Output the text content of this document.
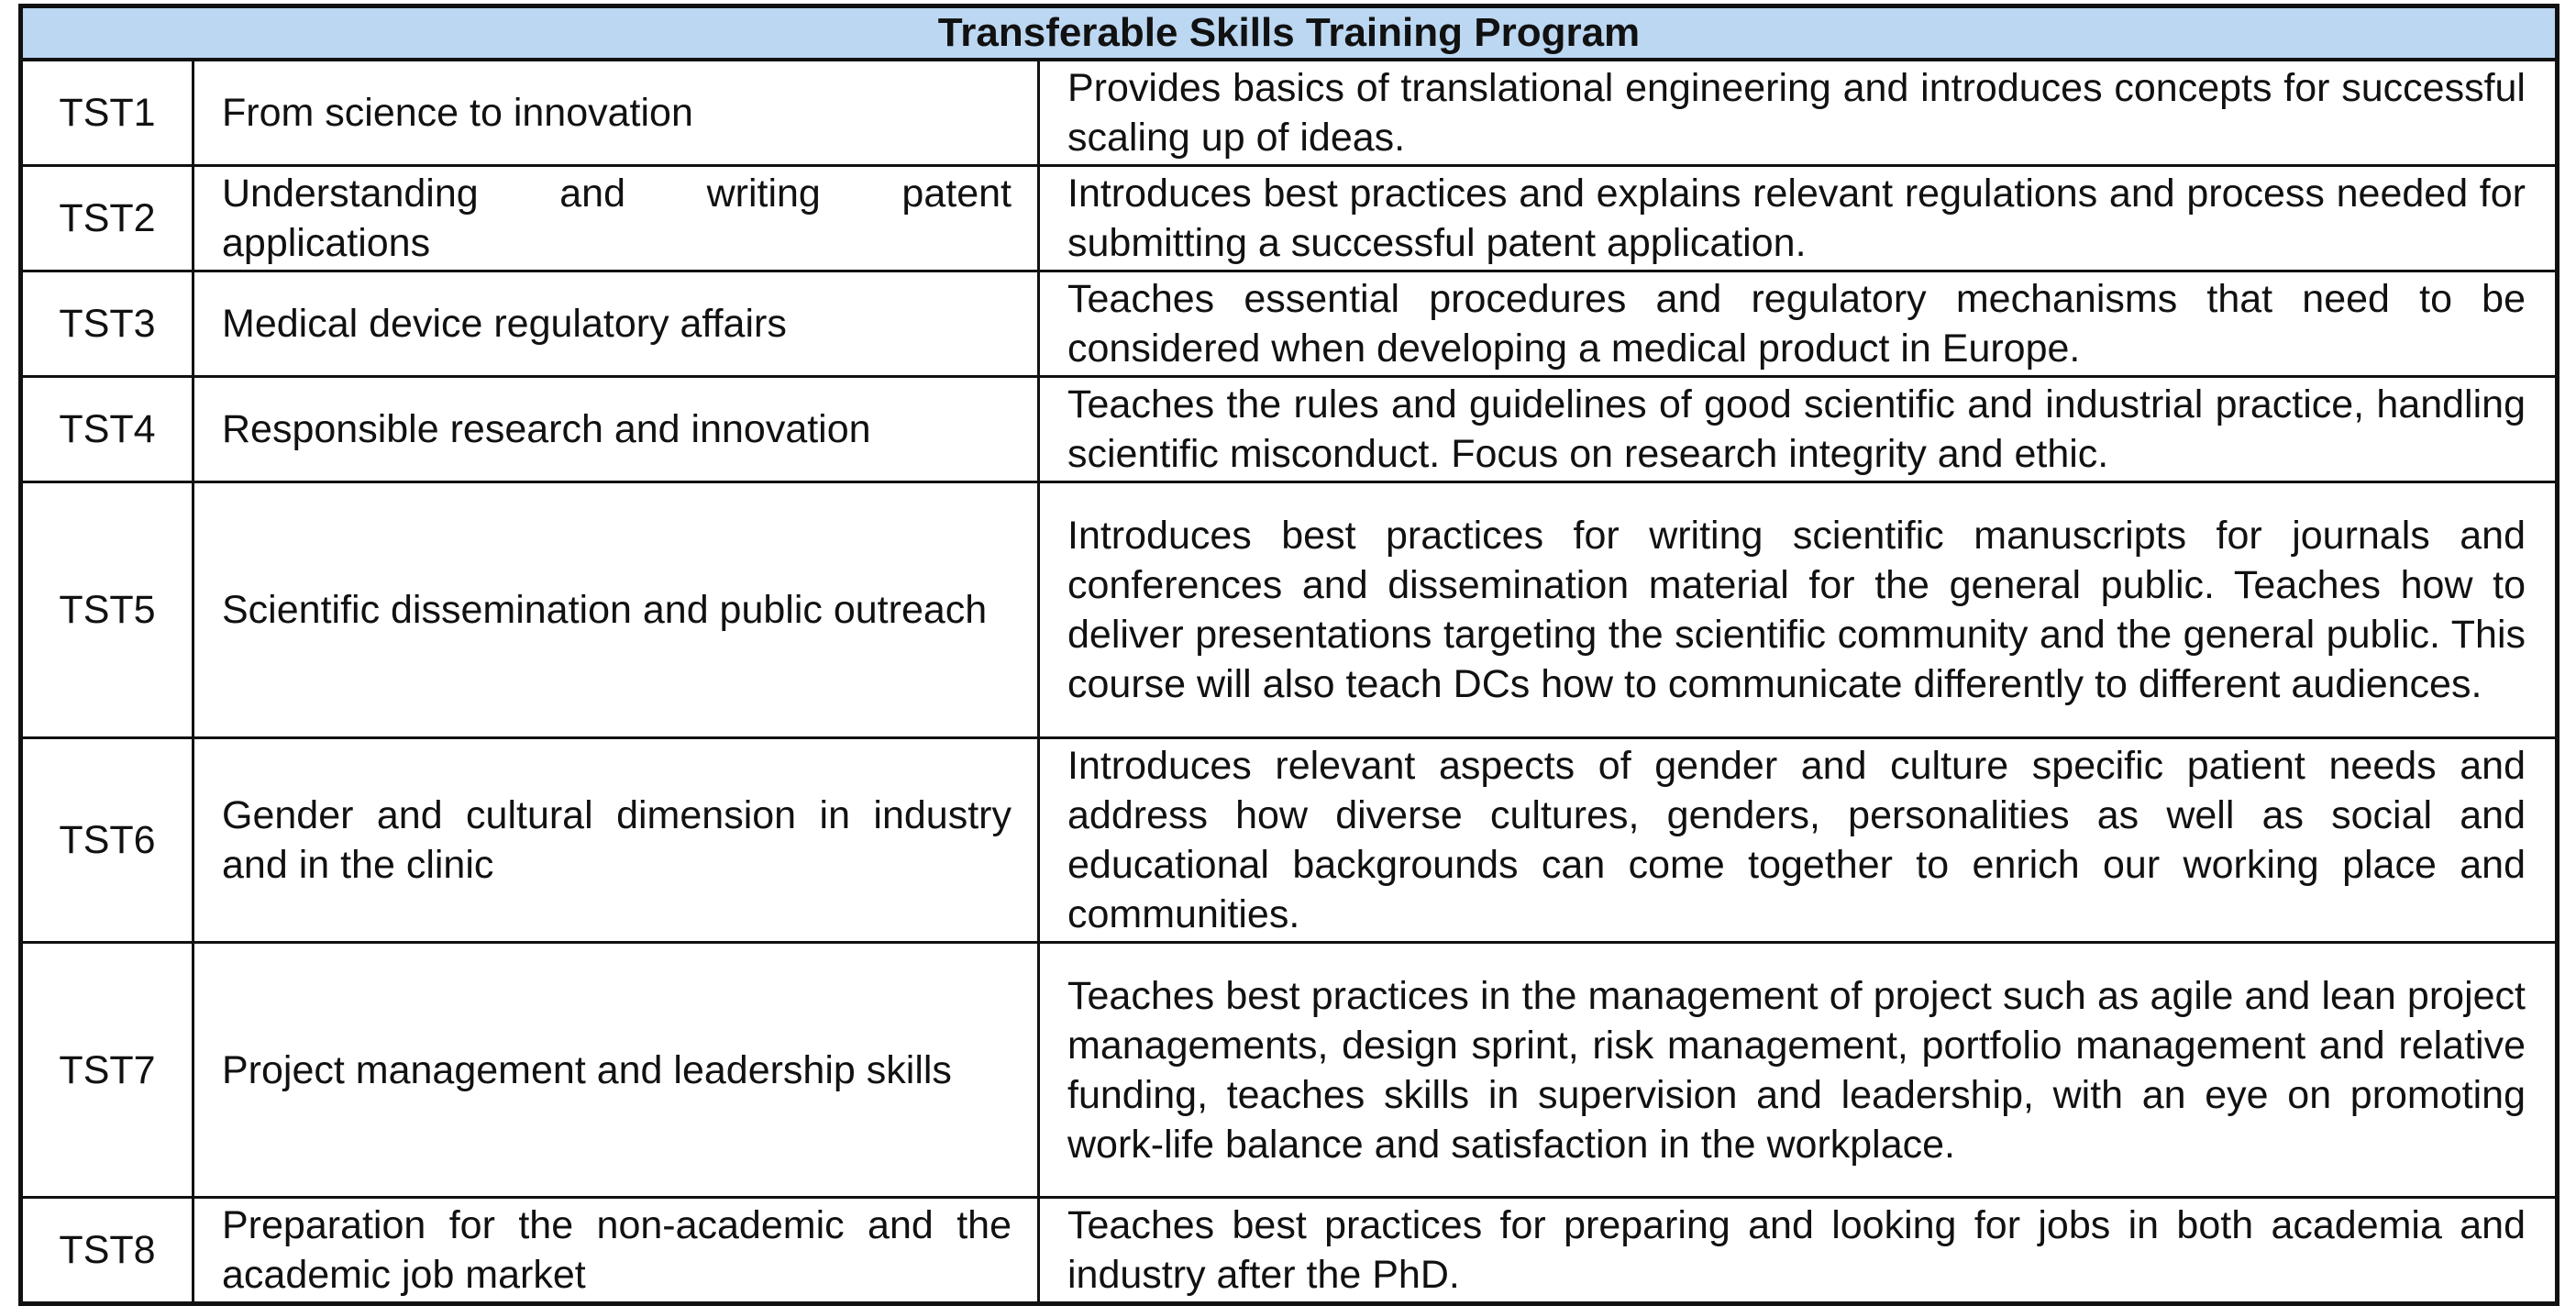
Transferable Skills Training Program		
TST1	From science to innovation	Provides basics of translational engineering and introduces concepts for successful scaling up of ideas.
TST2	Understanding and writing patent applications	Introduces best practices and explains relevant regulations and process needed for submitting a successful patent application.
TST3	Medical device regulatory affairs	Teaches essential procedures and regulatory mechanisms that need to be considered when developing a medical product in Europe.
TST4	Responsible research and innovation	Teaches the rules and guidelines of good scientific and industrial practice, handling scientific misconduct. Focus on research integrity and ethic.
TST5	Scientific dissemination and public outreach	Introduces best practices for writing scientific manuscripts for journals and conferences and dissemination material for the general public. Teaches how to deliver presentations targeting the scientific community and the general public. This course will also teach DCs how to communicate differently to different audiences.
TST6	Gender and cultural dimension in industry and in the clinic	Introduces relevant aspects of gender and culture specific patient needs and address how diverse cultures, genders, personalities as well as social and educational backgrounds can come together to enrich our working place and communities.
TST7	Project management and leadership skills	Teaches best practices in the management of project such as agile and lean project managements, design sprint, risk management, portfolio management and relative funding, teaches skills in supervision and leadership, with an eye on promoting work-life balance and satisfaction in the workplace.
TST8	Preparation for the non-academic and the academic job market	Teaches best practices for preparing and looking for jobs in both academia and industry after the PhD.
